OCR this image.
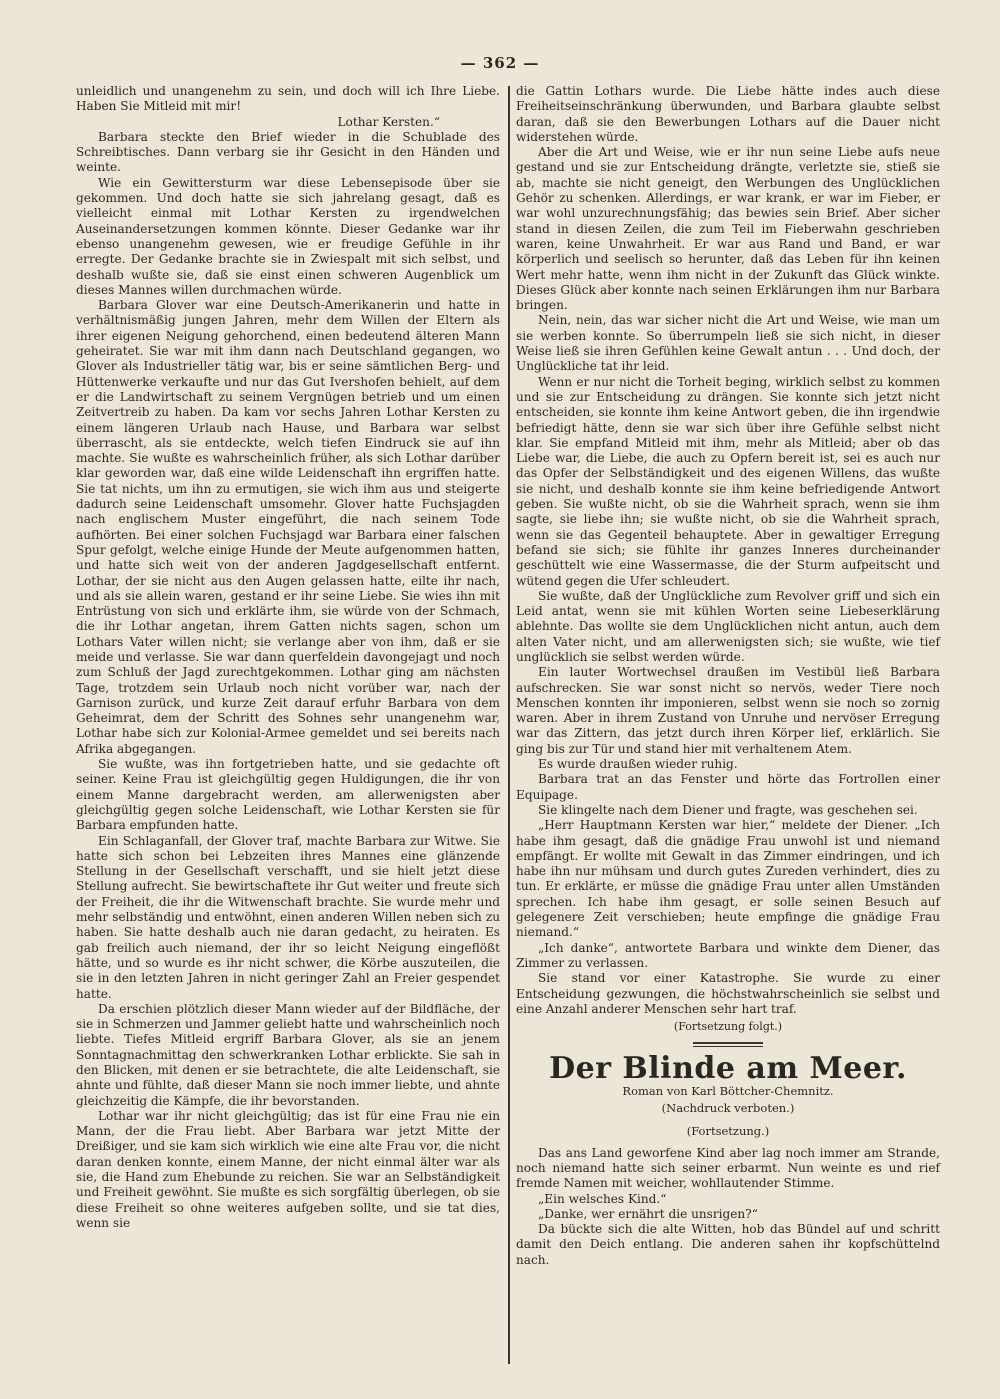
— 362 —

unleidlich und unangenehm zu sein, und doch will ich Ihre Liebe. Haben Sie Mitleid mit mir!

Lothar Kersten.“

Barbara steckte den Brief wieder in die Schublade des Schreibtisches. Dann verbarg sie ihr Gesicht in den Händen und weinte.

Wie ein Gewittersturm war diese Lebensepisode über sie gekommen. Und doch hatte sie sich jahrelang gesagt, daß es vielleicht einmal mit Lothar Kersten zu irgendwelchen Auseinandersetzungen kommen könnte. Dieser Gedanke war ihr ebenso unangenehm gewesen, wie er freudige Gefühle in ihr erregte. Der Gedanke brachte sie in Zwiespalt mit sich selbst, und deshalb wußte sie, daß sie einst einen schweren Augenblick um dieses Mannes willen durchmachen würde.

Barbara Glover war eine Deutsch-Amerikanerin und hatte in verhältnismäßig jungen Jahren, mehr dem Willen der Eltern als ihrer eigenen Neigung gehorchend, einen bedeutend älteren Mann geheiratet. Sie war mit ihm dann nach Deutschland gegangen, wo Glover als Industrieller tätig war, bis er seine sämtlichen Berg- und Hüttenwerke verkaufte und nur das Gut Ivershofen behielt, auf dem er die Landwirtschaft zu seinem Vergnügen betrieb und um einen Zeitvertreib zu haben. Da kam vor sechs Jahren Lothar Kersten zu einem längeren Urlaub nach Hause, und Barbara war selbst überrascht, als sie entdeckte, welch tiefen Eindruck sie auf ihn machte. Sie wußte es wahrscheinlich früher, als sich Lothar darüber klar geworden war, daß eine wilde Leidenschaft ihn ergriffen hatte. Sie tat nichts, um ihn zu ermutigen, sie wich ihm aus und steigerte dadurch seine Leidenschaft umsomehr. Glover hatte Fuchsjagden nach englischem Muster eingeführt, die nach seinem Tode aufhörten. Bei einer solchen Fuchsjagd war Barbara einer falschen Spur gefolgt, welche einige Hunde der Meute aufgenommen hatten, und hatte sich weit von der anderen Jagdgesellschaft entfernt. Lothar, der sie nicht aus den Augen gelassen hatte, eilte ihr nach, und als sie allein waren, gestand er ihr seine Liebe. Sie wies ihn mit Entrüstung von sich und erklärte ihm, sie würde von der Schmach, die ihr Lothar angetan, ihrem Gatten nichts sagen, schon um Lothars Vater willen nicht; sie verlange aber von ihm, daß er sie meide und verlasse. Sie war dann querfeldein davongejagt und noch zum Schluß der Jagd zurechtgekommen. Lothar ging am nächsten Tage, trotzdem sein Urlaub noch nicht vorüber war, nach der Garnison zurück, und kurze Zeit darauf erfuhr Barbara von dem Geheimrat, dem der Schritt des Sohnes sehr unangenehm war, Lothar habe sich zur Kolonial-Armee gemeldet und sei bereits nach Afrika abgegangen.

Sie wußte, was ihn fortgetrieben hatte, und sie gedachte oft seiner. Keine Frau ist gleichgültig gegen Huldigungen, die ihr von einem Manne dargebracht werden, am allerwenigsten aber gleichgültig gegen solche Leidenschaft, wie Lothar Kersten sie für Barbara empfunden hatte.

Ein Schlaganfall, der Glover traf, machte Barbara zur Witwe. Sie hatte sich schon bei Lebzeiten ihres Mannes eine glänzende Stellung in der Gesellschaft verschafft, und sie hielt jetzt diese Stellung aufrecht. Sie bewirtschaftete ihr Gut weiter und freute sich der Freiheit, die ihr die Witwenschaft brachte. Sie wurde mehr und mehr selbständig und entwöhnt, einen anderen Willen neben sich zu haben. Sie hatte deshalb auch nie daran gedacht, zu heiraten. Es gab freilich auch niemand, der ihr so leicht Neigung eingeflößt hätte, und so wurde es ihr nicht schwer, die Körbe auszuteilen, die sie in den letzten Jahren in nicht geringer Zahl an Freier gespendet hatte.

Da erschien plötzlich dieser Mann wieder auf der Bildfläche, der sie in Schmerzen und Jammer geliebt hatte und wahrscheinlich noch liebte. Tiefes Mitleid ergriff Barbara Glover, als sie an jenem Sonntagnachmittag den schwerkranken Lothar erblickte. Sie sah in den Blicken, mit denen er sie betrachtete, die alte Leidenschaft, sie ahnte und fühlte, daß dieser Mann sie noch immer liebte, und ahnte gleichzeitig die Kämpfe, die ihr bevorstanden.

Lothar war ihr nicht gleichgültig; das ist für eine Frau nie ein Mann, der die Frau liebt. Aber Barbara war jetzt Mitte der Dreißiger, und sie kam sich wirklich wie eine alte Frau vor, die nicht daran denken konnte, einem Manne, der nicht einmal älter war als sie, die Hand zum Ehebunde zu reichen. Sie war an Selbständigkeit und Freiheit gewöhnt. Sie mußte es sich sorgfältig überlegen, ob sie diese Freiheit so ohne weiteres aufgeben sollte, und sie tat dies, wenn sie

die Gattin Lothars wurde. Die Liebe hätte indes auch diese Freiheitseinschränkung überwunden, und Barbara glaubte selbst daran, daß sie den Bewerbungen Lothars auf die Dauer nicht widerstehen würde.

Aber die Art und Weise, wie er ihr nun seine Liebe aufs neue gestand und sie zur Entscheidung drängte, verletzte sie, stieß sie ab, machte sie nicht geneigt, den Werbungen des Unglücklichen Gehör zu schenken. Allerdings, er war krank, er war im Fieber, er war wohl unzurechnungsfähig; das bewies sein Brief. Aber sicher stand in diesen Zeilen, die zum Teil im Fieberwahn geschrieben waren, keine Unwahrheit. Er war aus Rand und Band, er war körperlich und seelisch so herunter, daß das Leben für ihn keinen Wert mehr hatte, wenn ihm nicht in der Zukunft das Glück winkte. Dieses Glück aber konnte nach seinen Erklärungen ihm nur Barbara bringen.

Nein, nein, das war sicher nicht die Art und Weise, wie man um sie werben konnte. So überrumpeln ließ sie sich nicht, in dieser Weise ließ sie ihren Gefühlen keine Gewalt antun . . . Und doch, der Unglückliche tat ihr leid.

Wenn er nur nicht die Torheit beging, wirklich selbst zu kommen und sie zur Entscheidung zu drängen. Sie konnte sich jetzt nicht entscheiden, sie konnte ihm keine Antwort geben, die ihn irgendwie befriedigt hätte, denn sie war sich über ihre Gefühle selbst nicht klar. Sie empfand Mitleid mit ihm, mehr als Mitleid; aber ob das Liebe war, die Liebe, die auch zu Opfern bereit ist, sei es auch nur das Opfer der Selbständigkeit und des eigenen Willens, das wußte sie nicht, und deshalb konnte sie ihm keine befriedigende Antwort geben. Sie wußte nicht, ob sie die Wahrheit sprach, wenn sie ihm sagte, sie liebe ihn; sie wußte nicht, ob sie die Wahrheit sprach, wenn sie das Gegenteil behauptete. Aber in gewaltiger Erregung befand sie sich; sie fühlte ihr ganzes Inneres durcheinander geschüttelt wie eine Wassermasse, die der Sturm aufpeitscht und wütend gegen die Ufer schleudert.

Sie wußte, daß der Unglückliche zum Revolver griff und sich ein Leid antat, wenn sie mit kühlen Worten seine Liebeserklärung ablehnte. Das wollte sie dem Unglücklichen nicht antun, auch dem alten Vater nicht, und am allerwenigsten sich; sie wußte, wie tief unglücklich sie selbst werden würde.

Ein lauter Wortwechsel draußen im Vestibül ließ Barbara aufschrecken. Sie war sonst nicht so nervös, weder Tiere noch Menschen konnten ihr imponieren, selbst wenn sie noch so zornig waren. Aber in ihrem Zustand von Unruhe und nervöser Erregung war das Zittern, das jetzt durch ihren Körper lief, erklärlich. Sie ging bis zur Tür und stand hier mit verhaltenem Atem.

Es wurde draußen wieder ruhig.

Barbara trat an das Fenster und hörte das Fortrollen einer Equipage.

Sie klingelte nach dem Diener und fragte, was geschehen sei.

„Herr Hauptmann Kersten war hier,“ meldete der Diener. „Ich habe ihm gesagt, daß die gnädige Frau unwohl ist und niemand empfängt. Er wollte mit Gewalt in das Zimmer eindringen, und ich habe ihn nur mühsam und durch gutes Zureden verhindert, dies zu tun. Er erklärte, er müsse die gnädige Frau unter allen Umständen sprechen. Ich habe ihm gesagt, er solle seinen Besuch auf gelegenere Zeit verschieben; heute empfinge die gnädige Frau niemand.“

„Ich danke“, antwortete Barbara und winkte dem Diener, das Zimmer zu verlassen.

Sie stand vor einer Katastrophe. Sie wurde zu einer Entscheidung gezwungen, die höchstwahrscheinlich sie selbst und eine Anzahl anderer Menschen sehr hart traf.

(Fortsetzung folgt.)
Der Blinde am Meer.
Roman von Karl Böttcher-Chemnitz.
(Nachdruck verboten.)
(Fortsetzung.)

Das ans Land geworfene Kind aber lag noch immer am Strande, noch niemand hatte sich seiner erbarmt. Nun weinte es und rief fremde Namen mit weicher, wohllautender Stimme.

„Ein welsches Kind.“

„Danke, wer ernährt die unsrigen?“

Da bückte sich die alte Witten, hob das Bündel auf und schritt damit den Deich entlang. Die anderen sahen ihr kopfschüttelnd nach.
